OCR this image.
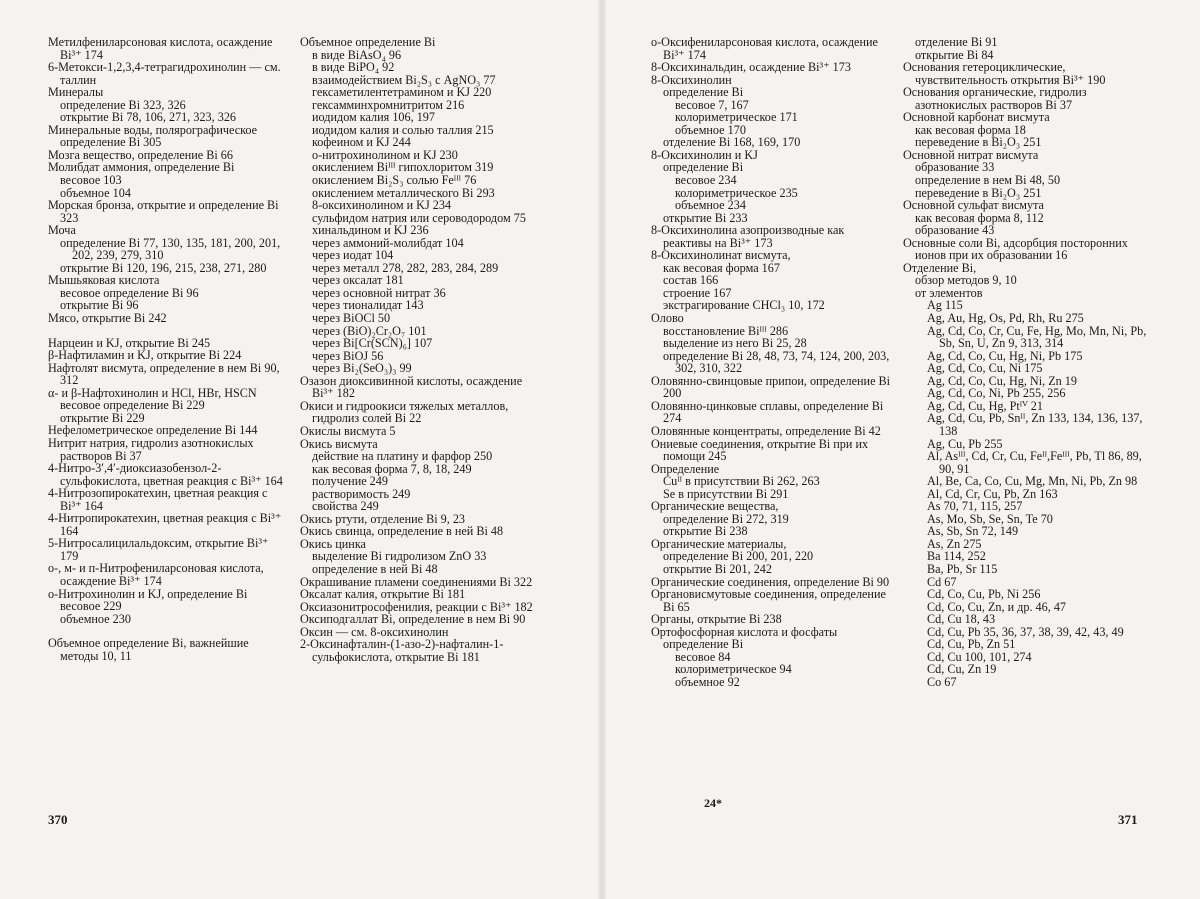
Метилфениларсоновая кислота, осаждение Bi³⁺ 174
6-Метокси-1,2,3,4-тетрагидрохинолин — см. таллин
Минералы
определение Bi 323, 326
открытие Bi 78, 106, 271, 323, 326
Минеральные воды, полярографическое определение Bi 305
Мозга вещество, определение Bi 66
Молибдат аммония, определение Bi
весовое 103
объемное 104
Морская бронза, открытие и определение Bi 323
Моча
определение Bi 77, 130, 135, 181, 200, 201, 202, 239, 279, 310
открытие Bi 120, 196, 215, 238, 271, 280
Мышьяковая кислота
весовое определение Bi 96
открытие Bi 96
Мясо, открытие Bi 242
Нарцеин и KJ, открытие Bi 245
β-Нафтиламин и KJ, открытие Bi 224
Нафтолят висмута, определение в нем Bi 90, 312
α- и β-Нафтохинолин и HCl, HBr, HSCN
весовое определение Bi 229
открытие Bi 229
Нефелометрическое определение Bi 144
Нитрит натрия, гидролиз азотнокислых растворов Bi 37
4-Нитро-3′,4′-диоксиазобензол-2-сульфокислота, цветная реакция с Bi³⁺ 164
4-Нитрозопирокатехин, цветная реакция с Bi³⁺ 164
4-Нитропирокатехин, цветная реакция с Bi³⁺ 164
5-Нитросалицилальдоксим, открытие Bi³⁺ 179
о-, м- и п-Нитрофениларсоновая кислота, осаждение Bi³⁺ 174
о-Нитрохинолин и KJ, определение Bi
весовое 229
объемное 230
Объемное определение Bi, важнейшие методы 10, 11
Объемное определение Bi
в виде BiAsO₄ 96
в виде BiPO₄ 92
взаимодействием Bi₂S₃ с AgNO₃ 77
гексаметилентетрамином и KJ 220
гексамминхромнитритом 216
иодидом калия 106, 197
иодидом калия и солью таллия 215
кофеином и KJ 244
о-нитрохинолином и KJ 230
окислением Biᴵᴵᴵ гипохлоритом 319
окислением Bi₂S₃ солью Feᴵᴵᴵ 76
окислением металлического Bi 293
8-оксихинолином и KJ 234
сульфидом натрия или сероводородом 75
хинальдином и KJ 236
через аммоний-молибдат 104
через иодат 104
через металл 278, 282, 283, 284, 289
через оксалат 181
через основной нитрат 36
через тионалидат 143
через BiOCl 50
через (BiO)₂Cr₂O₇ 101
через Bi[Cr(SCN)₆] 107
через BiOJ 56
через Bi₂(SeO₃)₃ 99
Озазон диоксивинной кислоты, осаждение Bi³⁺ 182
Окиси и гидроокиси тяжелых металлов, гидролиз солей Bi 22
Окислы висмута 5
Окись висмута
действие на платину и фарфор 250
как весовая форма 7, 8, 18, 249
получение 249
растворимость 249
свойства 249
Окись ртути, отделение Bi 9, 23
Окись свинца, определение в ней Bi 48
Окись цинка
выделение Bi гидролизом ZnO 33
определение в ней Bi 48
Окрашивание пламени соединениями Bi 322
Оксалат калия, открытие Bi 181
Оксиазонитрософенилия, реакции с Bi³⁺ 182
Оксиподгаллат Bi, определение в нем Bi 90
Оксин — см. 8-оксихинолин
2-Оксинафталин-(1-азо-2)-нафталин-1-сульфокислота, открытие Bi 181
о-Оксифениларсоновая кислота, осаждение Bi³⁺ 174
8-Оксихинальдин, осаждение Bi³⁺ 173
8-Оксихинолин
определение Bi
весовое 7, 167
колориметрическое 171
объемное 170
отделение Bi 168, 169, 170
8-Оксихинолин и KJ
определение Bi
весовое 234
колориметрическое 235
объемное 234
открытие Bi 233
8-Оксихинолина азопроизводные как реактивы на Bi³⁺ 173
8-Оксихинолинат висмута,
как весовая форма 167
состав 166
строение 167
экстрагирование CHCl₃ 10, 172
Олово
восстановление Biᴵᴵᴵ 286
выделение из него Bi 25, 28
определение Bi 28, 48, 73, 74, 124, 200, 203, 302, 310, 322
Оловянно-свинцовые припои, определение Bi 200
Оловянно-цинковые сплавы, определение Bi 274
Оловянные концентраты, определение Bi 42
Ониевые соединения, открытие Bi при их помощи 245
Определение
Cuᴵᴵ в присутствии Bi 262, 263
Se в присутствии Bi 291
Органические вещества,
определение Bi 272, 319
открытие Bi 238
Органические материалы,
определение Bi 200, 201, 220
открытие Bi 201, 242
Органические соединения, определение Bi 90
Органовисмутовые соединения, определение Bi 65
Органы, открытие Bi 238
Ортофосфорная кислота и фосфаты
определение Bi
весовое 84
колориметрическое 94
объемное 92
отделение Bi 91
открытие Bi 84
Основания гетероциклические, чувствительность открытия Bi³⁺ 190
Основания органические, гидролиз азотнокислых растворов Bi 37
Основной карбонат висмута
как весовая форма 18
переведение в Bi₂O₃ 251
Основной нитрат висмута
образование 33
определение в нем Bi 48, 50
переведение в Bi₂O₃ 251
Основной сульфат висмута
как весовая форма 8, 112
образование 43
Основные соли Bi, адсорбция посторонних ионов при их образовании 16
Отделение Bi,
обзор методов 9, 10
от элементов
Ag 115
Ag, Au, Hg, Os, Pd, Rh, Ru 275
Ag, Cd, Co, Cr, Cu, Fe, Hg, Mo, Mn, Ni, Pb, Sb, Sn, U, Zn 9, 313, 314
Ag, Cd, Co, Cu, Hg, Ni, Pb 175
Ag, Cd, Co, Cu, Ni 175
Ag, Cd, Co, Cu, Hg, Ni, Zn 19
Ag, Cd, Co, Ni, Pb 255, 256
Ag, Cd, Cu, Hg, Ptᴵⱽ 21
Ag, Cd, Cu, Pb, Snᴵᴵ, Zn 133, 134, 136, 137, 138
Ag, Cu, Pb 255
Al, Asᴵᴵᴵ, Cd, Cr, Cu, Feᴵᴵ,Feᴵᴵᴵ, Pb, Tl 86, 89, 90, 91
Al, Be, Ca, Co, Cu, Mg, Mn, Ni, Pb, Zn 98
Al, Cd, Cr, Cu, Pb, Zn 163
As 70, 71, 115, 257
As, Mo, Sb, Se, Sn, Te 70
As, Sb, Sn 72, 149
As, Zn 275
Ba 114, 252
Ba, Pb, Sr 115
Cd 67
Cd, Co, Cu, Pb, Ni 256
Cd, Co, Cu, Zn, и др. 46, 47
Cd, Cu 18, 43
Cd, Cu, Pb 35, 36, 37, 38, 39, 42, 43, 49
Cd, Cu, Pb, Zn 51
Cd, Cu 100, 101, 274
Cd, Cu, Zn 19
Co 67
370
24*
371
